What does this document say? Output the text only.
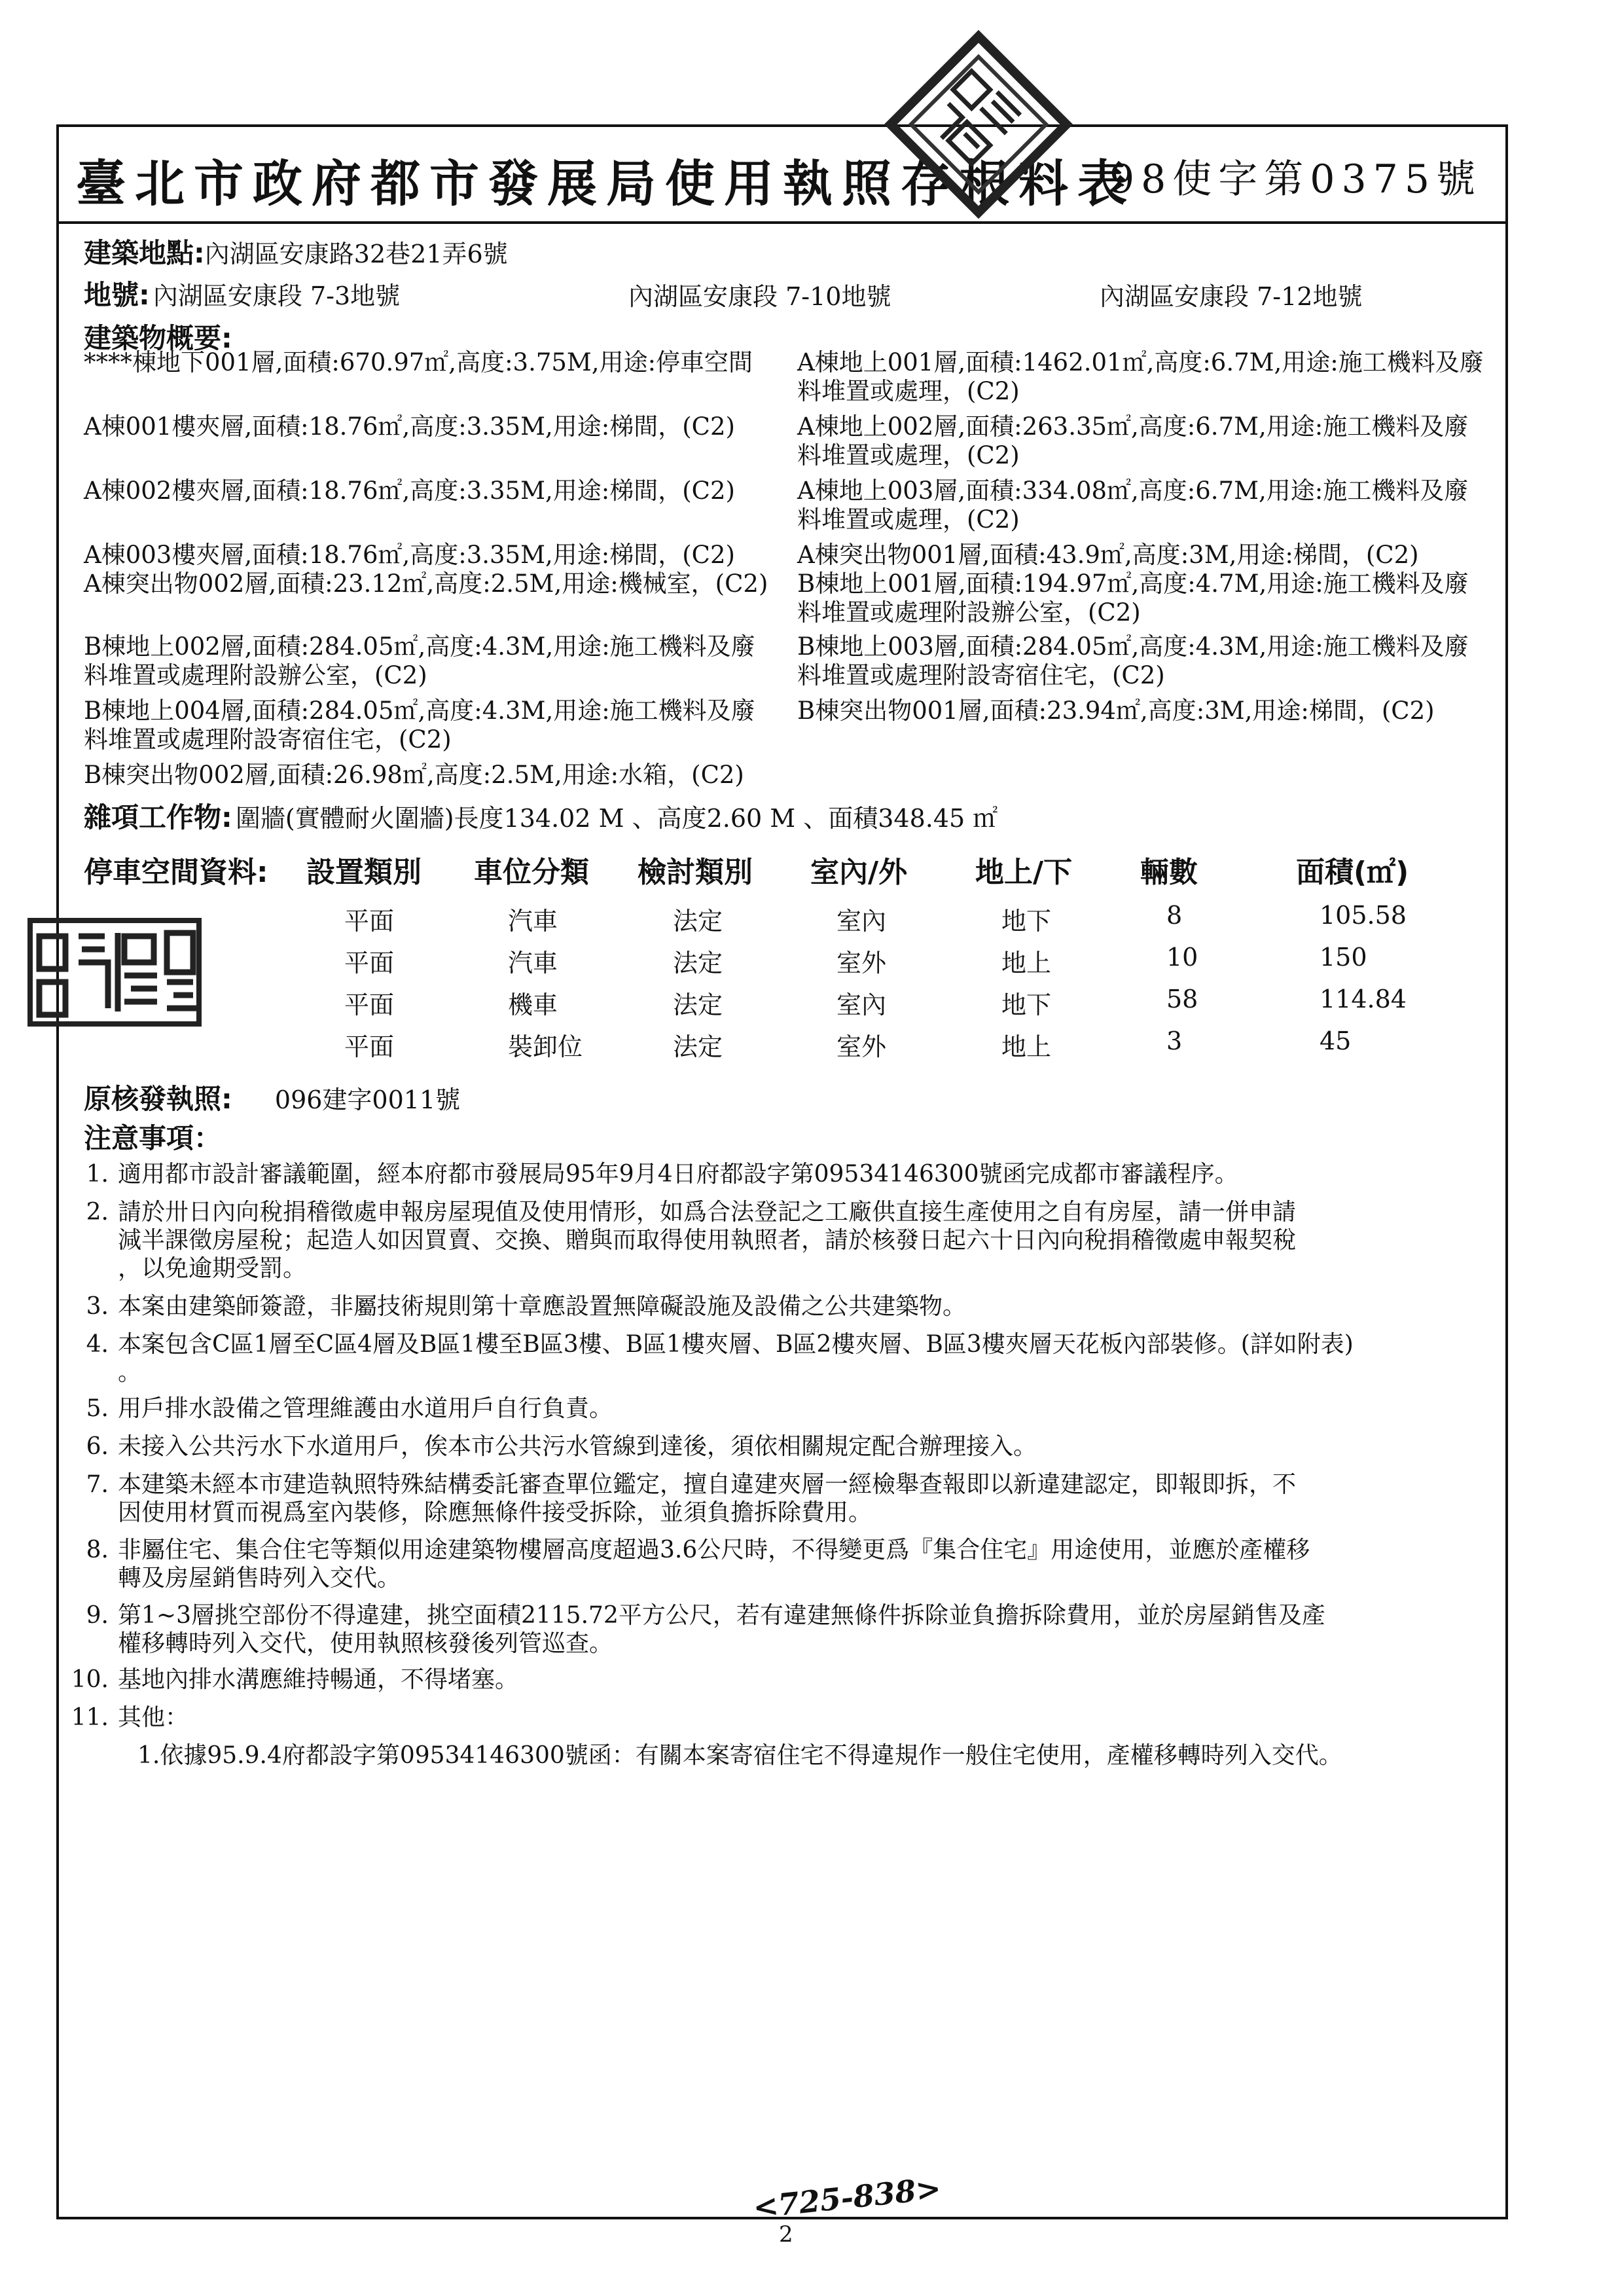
臺北市政府都市發展局使用執照存根料表
98使字第0375號
建築地點:內湖區安康路32巷21弄6號
地號: 內湖區安康段 7-3地號	內湖區安康段 7-10地號	內湖區安康段 7-12地號
建築物概要:
****棟地下001層,面積:670.97㎡,高度:3.75M,用途:停車空間 A棟地上001層,面積:1462.01㎡,高度:6.7M,用途:施工機料及廢
料堆置或處理，(C2)
A棟001樓夾層,面積:18.76㎡,高度:3.35M,用途:梯間，(C2)	A棟地上002層,面積:263.35㎡,高度:6.7M,用途:施工機料及廢
料堆置或處理，(C2)
A棟002樓夾層,面積:18.76㎡,高度:3.35M,用途:梯間，(C2)	A棟地上003層,面積:334.08㎡,高度:6.7M,用途:施工機料及廢
料堆置或處理，(C2)
A棟003樓夾層,面積:18.76㎡,高度:3.35M,用途:梯間，(C2)	A棟突出物001層,面積:43.9㎡,高度:3M,用途:梯間，(C2)
A棟突出物002層,面積:23.12㎡,高度:2.5M,用途:機械室，(C2) B棟地上001層,面積:194.97㎡,高度:4.7M,用途:施工機料及廢
料堆置或處理附設辦公室，(C2)
B棟地上002層,面積:284.05㎡,高度:4.3M,用途:施工機料及廢 B棟地上003層,面積:284.05㎡,高度:4.3M,用途:施工機料及廢
料堆置或處理附設辦公室，(C2)	料堆置或處理附設寄宿住宅，(C2)
B棟地上004層,面積:284.05㎡,高度:4.3M,用途:施工機料及廢 B棟突出物001層,面積:23.94㎡,高度:3M,用途:梯間，(C2)
料堆置或處理附設寄宿住宅，(C2)
B棟突出物002層,面積:26.98㎡,高度:2.5M,用途:水箱，(C2)
雜項工作物: 圍牆(實體耐火圍牆)長度134.02 M 、高度2.60 M 、面積348.45 ㎡
停車空間資料: 設置類別 車位分類 檢討類別 室內/外 地上/下 輛數	面積(㎡)
平面	汽車	法定	室內	地下	8	105.58
平面	汽車	法定	室外	地上	10	150
平面	機車	法定	室內	地下	58	114.84
平面	裝卸位	法定	室外	地上	3	45
原核發執照: 096建字0011號
注意事項：
1. 適用都市設計審議範圍，經本府都市發展局95年9月4日府都設字第09534146300號函完成都市審議程序。
2. 請於卅日內向稅捐稽徵處申報房屋現值及使用情形，如爲合法登記之工廠供直接生產使用之自有房屋，請一併申請
減半課徵房屋稅；起造人如因買賣、交換、贈與而取得使用執照者，請於核發日起六十日內向稅捐稽徵處申報契稅
，以免逾期受罰。
3. 本案由建築師簽證，非屬技術規則第十章應設置無障礙設施及設備之公共建築物。
4. 本案包含C區1層至C區4層及B區1樓至B區3樓、B區1樓夾層、B區2樓夾層、B區3樓夾層天花板內部裝修。(詳如附表)
。
5. 用戶排水設備之管理維護由水道用戶自行負責。
6. 未接入公共污水下水道用戶，俟本市公共污水管線到達後，須依相關規定配合辦理接入。
7. 本建築未經本市建造執照特殊結構委託審查單位鑑定，擅自違建夾層一經檢舉查報即以新違建認定，即報即拆，不
因使用材質而視爲室內裝修，除應無條件接受拆除，並須負擔拆除費用。
8. 非屬住宅、集合住宅等類似用途建築物樓層高度超過3.6公尺時，不得變更爲『集合住宅』用途使用，並應於產權移
轉及房屋銷售時列入交代。
9. 第1~3層挑空部份不得違建，挑空面積2115.72平方公尺，若有違建無條件拆除並負擔拆除費用，並於房屋銷售及產
權移轉時列入交代，使用執照核發後列管巡查。
10. 基地內排水溝應維持暢通，不得堵塞。
11. 其他：
1.依據95.9.4府都設字第09534146300號函：有關本案寄宿住宅不得違規作一般住宅使用，產權移轉時列入交代。
<725-838>
2
